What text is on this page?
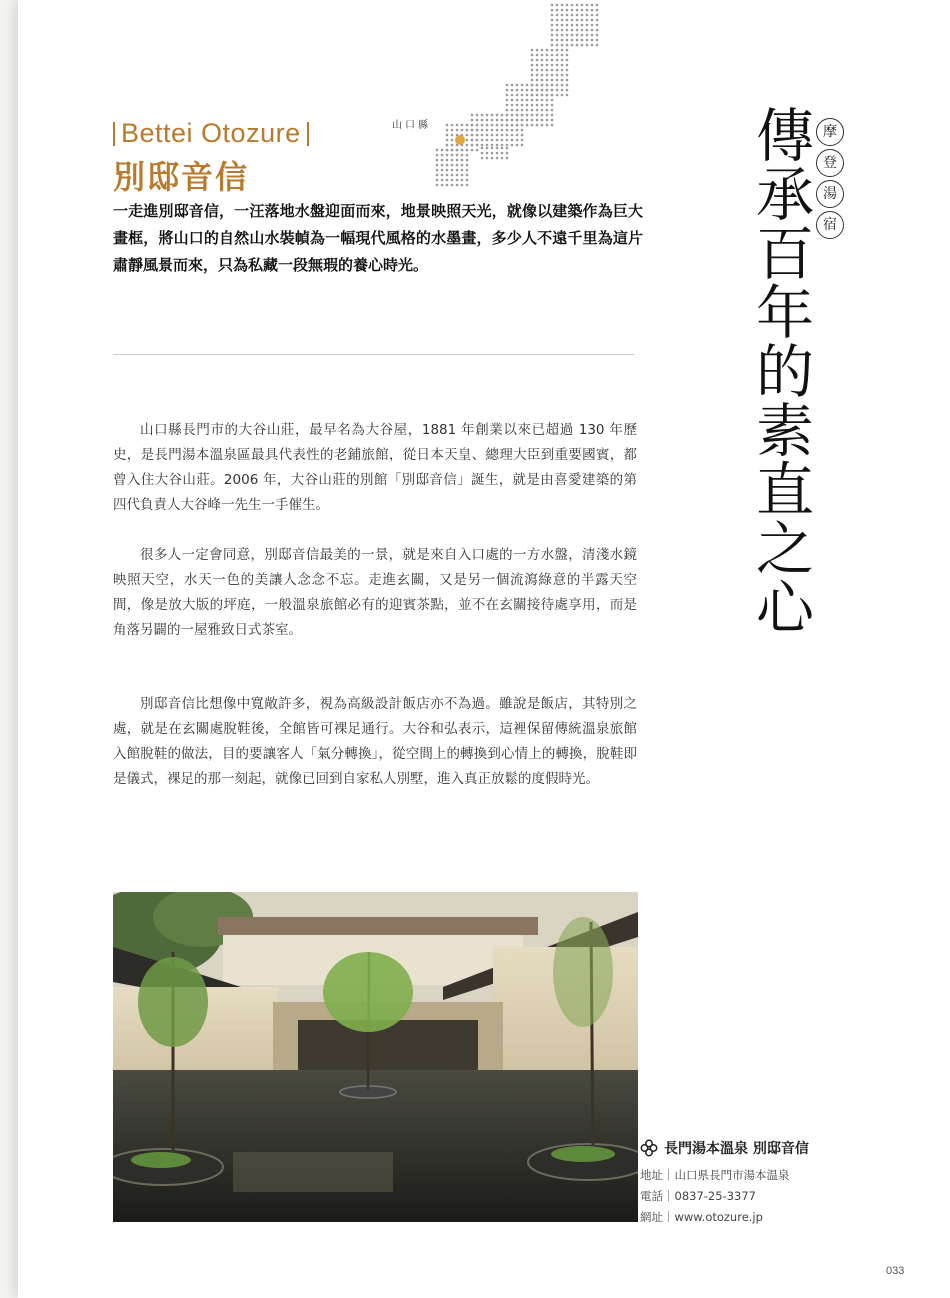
山口縣
Bettei Otozure
別邸音信
一走進別邸音信，一汪落地水盤迎面而來，地景映照天光，就像以建築作為巨大畫框，將山口的自然山水裝幀為一幅現代風格的水墨畫，多少人不遠千里為這片肅靜風景而來，只為私藏一段無瑕的養心時光。
山口縣長門市的大谷山莊，最早名為大谷屋，1881 年創業以來已超過 130 年歷史，是長門湯本溫泉區最具代表性的老鋪旅館，從日本天皇、總理大臣到重要國賓，都曾入住大谷山莊。2006 年，大谷山莊的別館「別邸音信」誕生，就是由喜愛建築的第四代負責人大谷峰一先生一手催生。
很多人一定會同意，別邸音信最美的一景，就是來自入口處的一方水盤，清淺水鏡映照天空，水天一色的美讓人念念不忘。走進玄關，又是另一個流瀉綠意的半露天空間，像是放大版的坪庭，一般溫泉旅館必有的迎賓茶點，並不在玄關接待處享用，而是角落另闢的一屋雅致日式茶室。
別邸音信比想像中寬敞許多，視為高級設計飯店亦不為過。雖說是飯店，其特別之處，就是在玄關處脫鞋後，全館皆可裸足通行。大谷和弘表示，這裡保留傳統溫泉旅館入館脫鞋的做法，目的要讓客人「氣分轉換」，從空間上的轉換到心情上的轉換，脫鞋即是儀式，裸足的那一刻起，就像已回到自家私人別墅，進入真正放鬆的度假時光。
傳承百年的素直之心 摩
登
湯
宿
長門湯本溫泉 別邸音信
地址｜山口県長門市湯本温泉
電話｜0837-25-3377
網址｜www.otozure.jp
033
